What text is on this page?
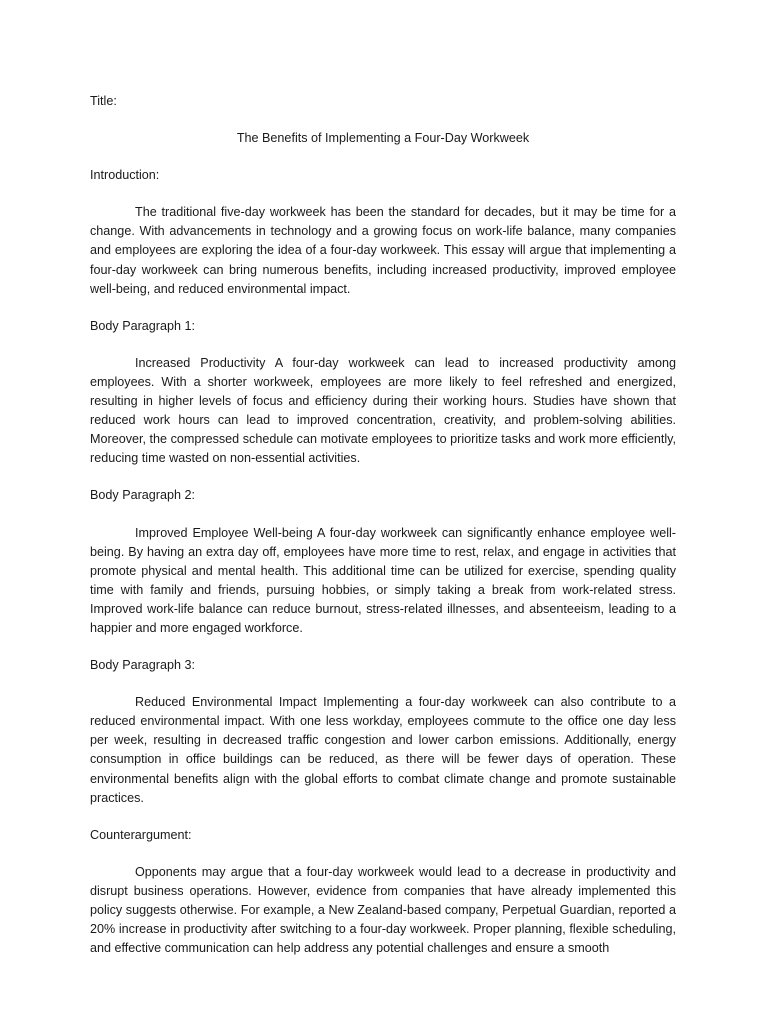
Title:

The Benefits of Implementing a Four-Day Workweek

Introduction:

The traditional five-day workweek has been the standard for decades, but it may be time for a change. With advancements in technology and a growing focus on work-life balance, many companies and employees are exploring the idea of a four-day workweek. This essay will argue that implementing a four-day workweek can bring numerous benefits, including increased productivity, improved employee well-being, and reduced environmental impact.

Body Paragraph 1:

Increased Productivity A four-day workweek can lead to increased productivity among employees. With a shorter workweek, employees are more likely to feel refreshed and energized, resulting in higher levels of focus and efficiency during their working hours. Studies have shown that reduced work hours can lead to improved concentration, creativity, and problem-solving abilities. Moreover, the compressed schedule can motivate employees to prioritize tasks and work more efficiently, reducing time wasted on non-essential activities.

Body Paragraph 2:

Improved Employee Well-being A four-day workweek can significantly enhance employee well-being. By having an extra day off, employees have more time to rest, relax, and engage in activities that promote physical and mental health. This additional time can be utilized for exercise, spending quality time with family and friends, pursuing hobbies, or simply taking a break from work-related stress. Improved work-life balance can reduce burnout, stress-related illnesses, and absenteeism, leading to a happier and more engaged workforce.

Body Paragraph 3:

Reduced Environmental Impact Implementing a four-day workweek can also contribute to a reduced environmental impact. With one less workday, employees commute to the office one day less per week, resulting in decreased traffic congestion and lower carbon emissions. Additionally, energy consumption in office buildings can be reduced, as there will be fewer days of operation. These environmental benefits align with the global efforts to combat climate change and promote sustainable practices.

Counterargument:

Opponents may argue that a four-day workweek would lead to a decrease in productivity and disrupt business operations. However, evidence from companies that have already implemented this policy suggests otherwise. For example, a New Zealand-based company, Perpetual Guardian, reported a 20% increase in productivity after switching to a four-day workweek. Proper planning, flexible scheduling, and effective communication can help address any potential challenges and ensure a smooth
